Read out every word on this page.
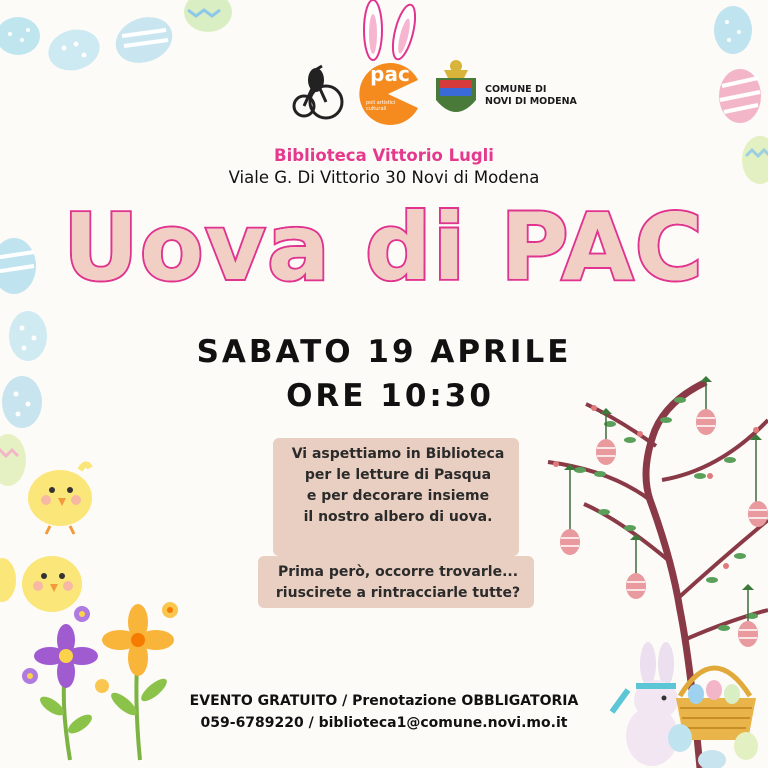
pac
poli artistici culturali
COMUNE DI
NOVI DI MODENA
Biblioteca Vittorio Lugli
Viale G. Di Vittorio 30 Novi di Modena
Uova di PAC
SABATO 19 APRILE
ORE 10:30
Vi aspettiamo in Biblioteca
per le letture di Pasqua
e per decorare insieme
il nostro albero di uova.
Prima però, occorre trovarle...
riuscirete a rintracciarle tutte?
EVENTO GRATUITO / Prenotazione OBBLIGATORIA
059-6789220 / biblioteca1@comune.novi.mo.it
